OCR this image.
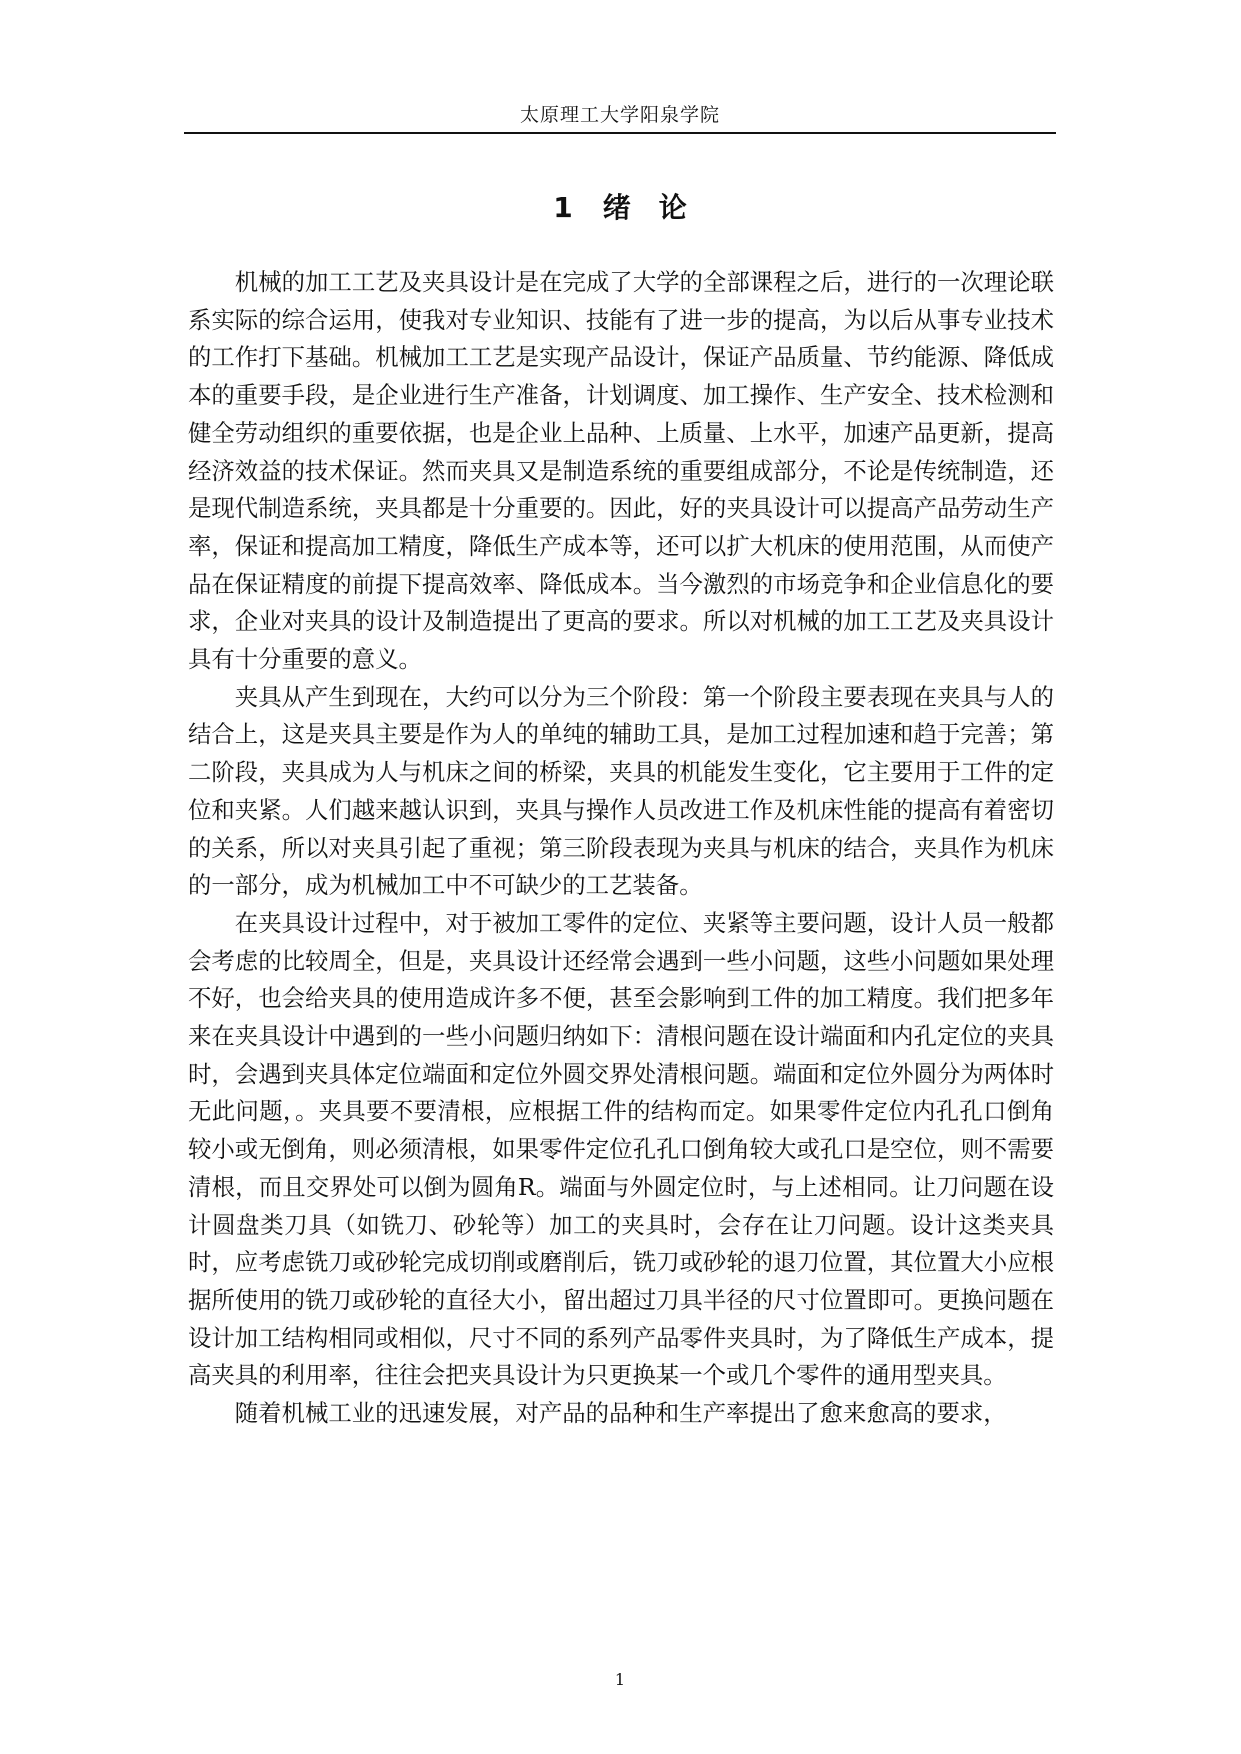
太原理工大学阳泉学院
1 绪 论

机械的加工工艺及夹具设计是在完成了大学的全部课程之后，进行的一次理论联系实际的综合运用，使我对专业知识、技能有了进一步的提高，为以后从事专业技术的工作打下基础。机械加工工艺是实现产品设计，保证产品质量、节约能源、降低成本的重要手段，是企业进行生产准备，计划调度、加工操作、生产安全、技术检测和健全劳动组织的重要依据，也是企业上品种、上质量、上水平，加速产品更新，提高经济效益的技术保证。然而夹具又是制造系统的重要组成部分，不论是传统制造，还是现代制造系统，夹具都是十分重要的。因此，好的夹具设计可以提高产品劳动生产率，保证和提高加工精度，降低生产成本等，还可以扩大机床的使用范围，从而使产品在保证精度的前提下提高效率、降低成本。当今激烈的市场竞争和企业信息化的要求，企业对夹具的设计及制造提出了更高的要求。所以对机械的加工工艺及夹具设计具有十分重要的意义。

夹具从产生到现在，大约可以分为三个阶段：第一个阶段主要表现在夹具与人的结合上，这是夹具主要是作为人的单纯的辅助工具，是加工过程加速和趋于完善；第二阶段，夹具成为人与机床之间的桥梁，夹具的机能发生变化，它主要用于工件的定位和夹紧。人们越来越认识到，夹具与操作人员改进工作及机床性能的提高有着密切的关系，所以对夹具引起了重视；第三阶段表现为夹具与机床的结合，夹具作为机床的一部分，成为机械加工中不可缺少的工艺装备。

在夹具设计过程中，对于被加工零件的定位、夹紧等主要问题，设计人员一般都会考虑的比较周全，但是，夹具设计还经常会遇到一些小问题，这些小问题如果处理不好，也会给夹具的使用造成许多不便，甚至会影响到工件的加工精度。我们把多年来在夹具设计中遇到的一些小问题归纳如下：清根问题在设计端面和内孔定位的夹具时，会遇到夹具体定位端面和定位外圆交界处清根问题。端面和定位外圆分为两体时无此问题，。夹具要不要清根，应根据工件的结构而定。如果零件定位内孔孔口倒角较小或无倒角，则必须清根，如果零件定位孔孔口倒角较大或孔口是空位，则不需要清根，而且交界处可以倒为圆角R。端面与外圆定位时，与上述相同。让刀问题在设计圆盘类刀具（如铣刀、砂轮等）加工的夹具时，会存在让刀问题。设计这类夹具时，应考虑铣刀或砂轮完成切削或磨削后，铣刀或砂轮的退刀位置，其位置大小应根据所使用的铣刀或砂轮的直径大小，留出超过刀具半径的尺寸位置即可。更换问题在设计加工结构相同或相似，尺寸不同的系列产品零件夹具时，为了降低生产成本，提高夹具的利用率，往往会把夹具设计为只更换某一个或几个零件的通用型夹具。

随着机械工业的迅速发展，对产品的品种和生产率提出了愈来愈高的要求，

1
